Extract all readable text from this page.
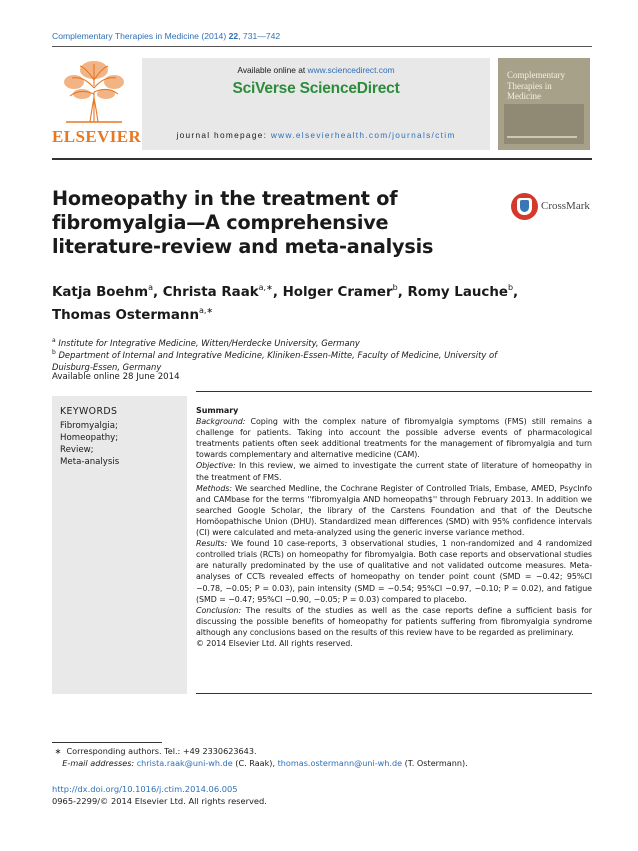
Complementary Therapies in Medicine (2014) 22, 731—742
ELSEVIER
Available online at www.sciencedirect.com
SciVerse ScienceDirect
journal homepage: www.elsevierhealth.com/journals/ctim
Complementary Therapies in Medicine
Homeopathy in the treatment of fibromyalgia—A comprehensive literature-review and meta-analysis
CrossMark
Katja Boehm$^a$, Christa Raak$^{a,∗}$, Holger Cramer$^b$, Romy Lauche$^b$,
Thomas Ostermann$^{a,∗}$
$^a$ Institute for Integrative Medicine, Witten/Herdecke University, Germany
$^b$ Department of Internal and Integrative Medicine, Kliniken-Essen-Mitte, Faculty of Medicine, University of Duisburg-Essen, Germany
Available online 28 June 2014
KEYWORDS
Fibromyalgia;
Homeopathy;
Review;
Meta-analysis
Summary
Background: Coping with the complex nature of fibromyalgia symptoms (FMS) still remains a challenge for patients. Taking into account the possible adverse events of pharmacological treatments patients often seek additional treatments for the management of fibromyalgia and turn towards complementary and alternative medicine (CAM).
Objective: In this review, we aimed to investigate the current state of literature of homeopathy in the treatment of FMS.
Methods: We searched Medline, the Cochrane Register of Controlled Trials, Embase, AMED, PsycInfo and CAMbase for the terms ''fibromyalgia AND homeopath$'' through February 2013. In addition we searched Google Scholar, the library of the Carstens Foundation and that of the Deutsche Homöopathische Union (DHU). Standardized mean differences (SMD) with 95% confidence intervals (CI) were calculated and meta-analyzed using the generic inverse variance method.
Results: We found 10 case-reports, 3 observational studies, 1 non-randomized and 4 randomized controlled trials (RCTs) on homeopathy for fibromyalgia. Both case reports and observational studies are naturally predominated by the use of qualitative and not validated outcome measures. Meta-analyses of CCTs revealed effects of homeopathy on tender point count (SMD = −0.42; 95%CI −0.78, −0.05; P = 0.03), pain intensity (SMD = −0.54; 95%CI −0.97, −0.10; P = 0.02), and fatigue (SMD = −0.47; 95%CI −0.90, −0.05; P = 0.03) compared to placebo.
Conclusion: The results of the studies as well as the case reports define a sufficient basis for discussing the possible benefits of homeopathy for patients suffering from fibromyalgia syndrome although any conclusions based on the results of this review have to be regarded as preliminary.
© 2014 Elsevier Ltd. All rights reserved.
∗ Corresponding authors. Tel.: +49 2330623643.
E-mail addresses: christa.raak@uni-wh.de (C. Raak), thomas.ostermann@uni-wh.de (T. Ostermann).
http://dx.doi.org/10.1016/j.ctim.2014.06.005
0965-2299/© 2014 Elsevier Ltd. All rights reserved.
